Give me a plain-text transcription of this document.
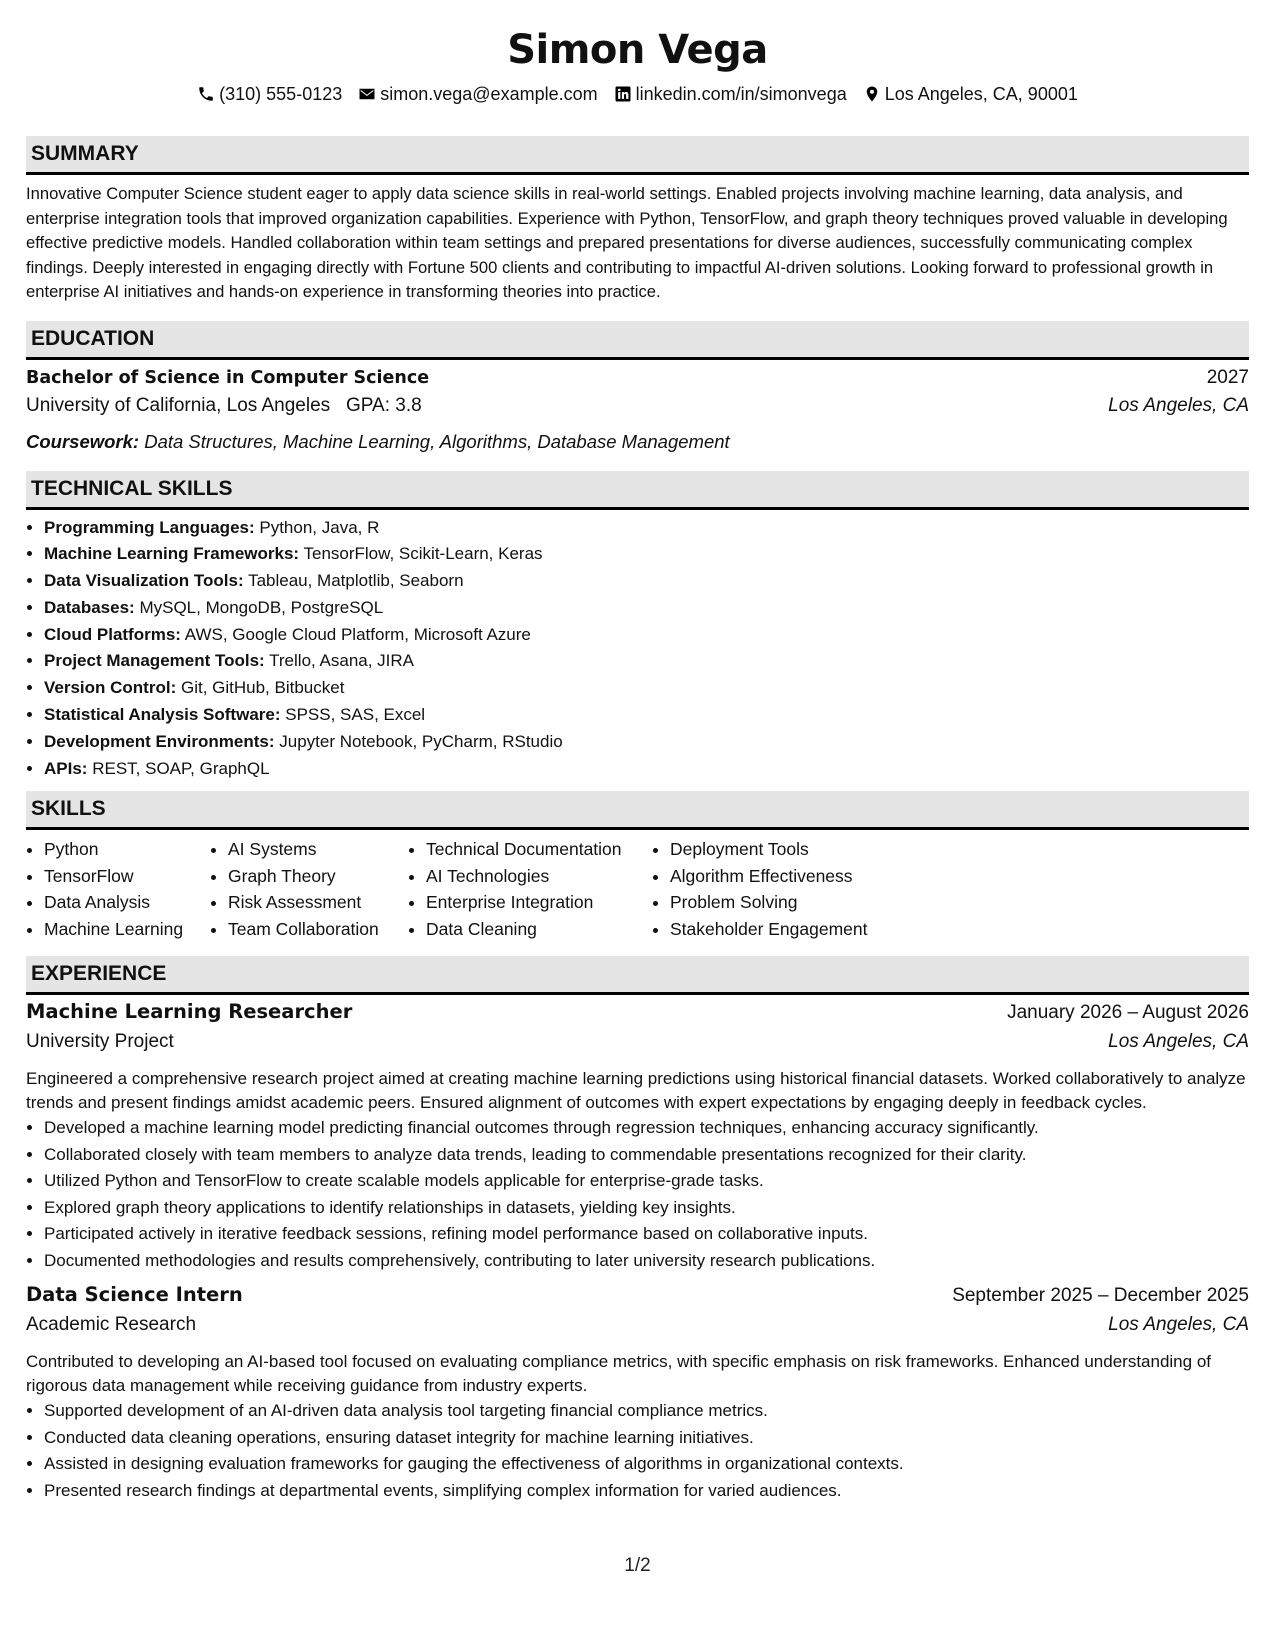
Simon Vega
(310) 555-0123 simon.vega@example.com linkedin.com/in/simonvega Los Angeles, CA, 90001
SUMMARY
Innovative Computer Science student eager to apply data science skills in real-world settings. Enabled projects involving machine learning, data analysis, and enterprise integration tools that improved organization capabilities. Experience with Python, TensorFlow, and graph theory techniques proved valuable in developing effective predictive models. Handled collaboration within team settings and prepared presentations for diverse audiences, successfully communicating complex findings. Deeply interested in engaging directly with Fortune 500 clients and contributing to impactful AI-driven solutions. Looking forward to professional growth in enterprise AI initiatives and hands-on experience in transforming theories into practice.
EDUCATION
Bachelor of Science in Computer Science	2027
University of California, Los Angeles GPA: 3.8	Los Angeles, CA
Coursework: Data Structures, Machine Learning, Algorithms, Database Management
TECHNICAL SKILLS
• Programming Languages: Python, Java, R
• Machine Learning Frameworks: TensorFlow, Scikit-Learn, Keras
• Data Visualization Tools: Tableau, Matplotlib, Seaborn
• Databases: MySQL, MongoDB, PostgreSQL
• Cloud Platforms: AWS, Google Cloud Platform, Microsoft Azure
• Project Management Tools: Trello, Asana, JIRA
• Version Control: Git, GitHub, Bitbucket
• Statistical Analysis Software: SPSS, SAS, Excel
• Development Environments: Jupyter Notebook, PyCharm, RStudio
• APIs: REST, SOAP, GraphQL
SKILLS
• Python
• TensorFlow
• Data Analysis
• Machine Learning
• AI Systems
• Graph Theory
• Risk Assessment
• Team Collaboration
• Technical Documentation
• AI Technologies
• Enterprise Integration
• Data Cleaning
• Deployment Tools
• Algorithm Effectiveness
• Problem Solving
• Stakeholder Engagement
EXPERIENCE
Machine Learning Researcher	January 2026 – August 2026
University Project	Los Angeles, CA
Engineered a comprehensive research project aimed at creating machine learning predictions using historical financial datasets. Worked collaboratively to analyze trends and present findings amidst academic peers. Ensured alignment of outcomes with expert expectations by engaging deeply in feedback cycles.
• Developed a machine learning model predicting financial outcomes through regression techniques, enhancing accuracy significantly.
• Collaborated closely with team members to analyze data trends, leading to commendable presentations recognized for their clarity.
• Utilized Python and TensorFlow to create scalable models applicable for enterprise-grade tasks.
• Explored graph theory applications to identify relationships in datasets, yielding key insights.
• Participated actively in iterative feedback sessions, refining model performance based on collaborative inputs.
• Documented methodologies and results comprehensively, contributing to later university research publications.
Data Science Intern	September 2025 – December 2025
Academic Research	Los Angeles, CA
Contributed to developing an AI-based tool focused on evaluating compliance metrics, with specific emphasis on risk frameworks. Enhanced understanding of rigorous data management while receiving guidance from industry experts.
• Supported development of an AI-driven data analysis tool targeting financial compliance metrics.
• Conducted data cleaning operations, ensuring dataset integrity for machine learning initiatives.
• Assisted in designing evaluation frameworks for gauging the effectiveness of algorithms in organizational contexts.
• Presented research findings at departmental events, simplifying complex information for varied audiences.
1/2
